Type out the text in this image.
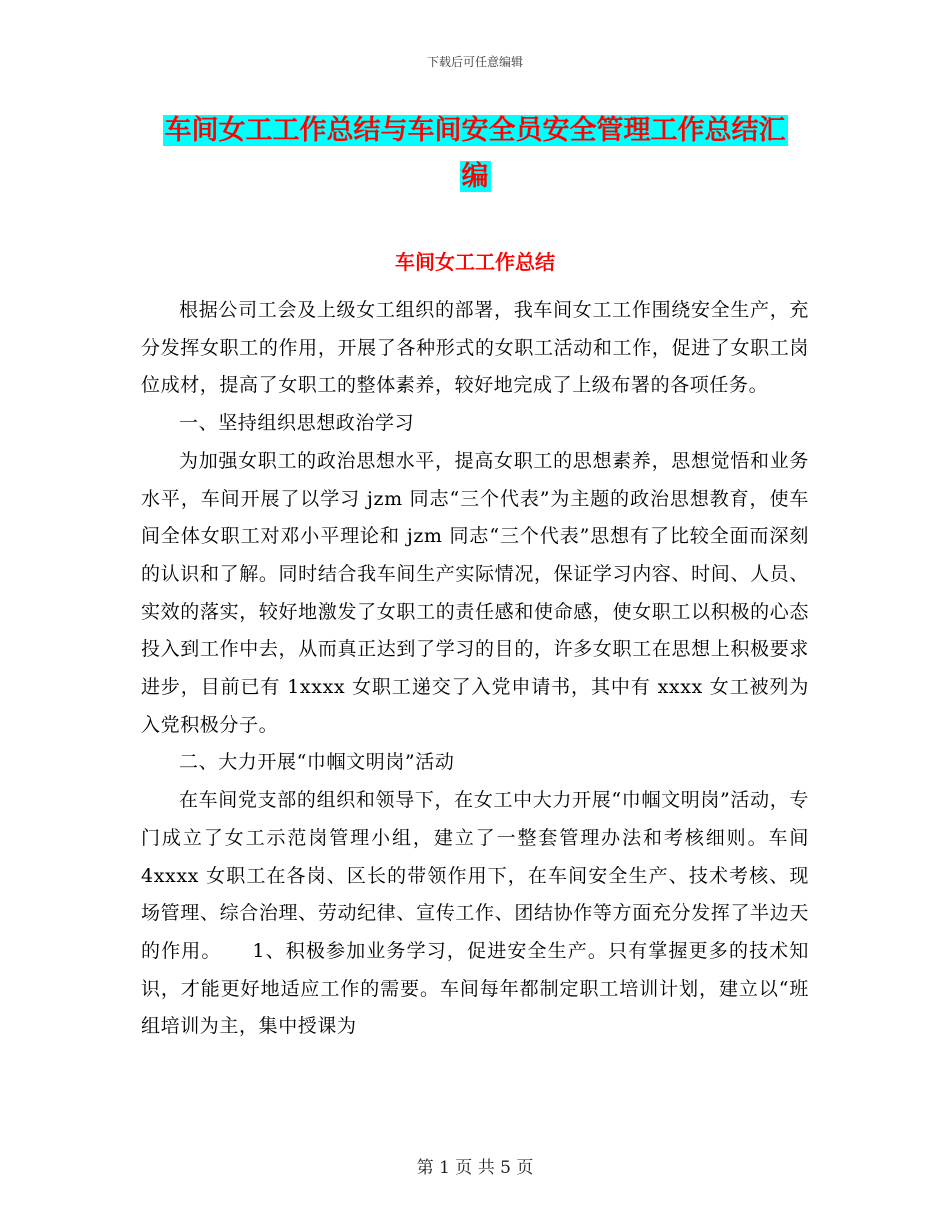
下载后可任意编辑
车间女工工作总结与车间安全员安全管理工作总结汇
编
车间女工工作总结

根据公司工会及上级女工组织的部署，我车间女工工作围绕安全生产，充分发挥女职工的作用，开展了各种形式的女职工活动和工作，促进了女职工岗位成材，提高了女职工的整体素养，较好地完成了上级布署的各项任务。

一、坚持组织思想政治学习

为加强女职工的政治思想水平，提高女职工的思想素养，思想觉悟和业务水平，车间开展了以学习 jzm 同志“三个代表”为主题的政治思想教育，使车间全体女职工对邓小平理论和 jzm 同志“三个代表”思想有了比较全面而深刻的认识和了解。同时结合我车间生产实际情况，保证学习内容、时间、人员、实效的落实，较好地激发了女职工的责任感和使命感，使女职工以积极的心态投入到工作中去，从而真正达到了学习的目的，许多女职工在思想上积极要求进步，目前已有 1xxxx 女职工递交了入党申请书，其中有 xxxx 女工被列为入党积极分子。

二、大力开展“巾帼文明岗”活动

在车间党支部的组织和领导下，在女工中大力开展“巾帼文明岗”活动，专门成立了女工示范岗管理小组，建立了一整套管理办法和考核细则。车间 4xxxx 女职工在各岗、区长的带领作用下，在车间安全生产、技术考核、现场管理、综合治理、劳动纪律、宣传工作、团结协作等方面充分发挥了半边天的作用。　　1、积极参加业务学习，促进安全生产。只有掌握更多的技术知识，才能更好地适应工作的需要。车间每年都制定职工培训计划，建立以“班组培训为主，集中授课为

第 1 页 共 5 页
